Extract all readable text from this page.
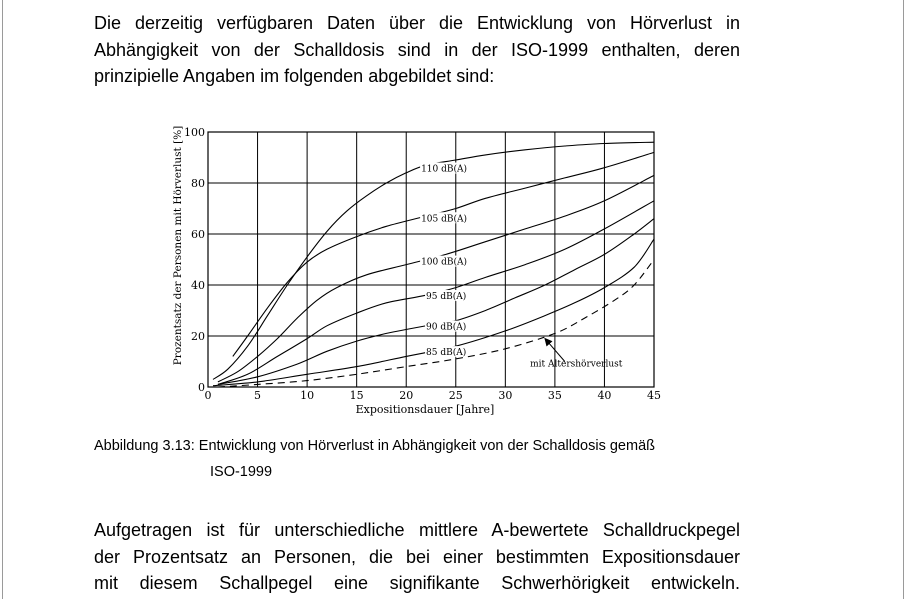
Die derzeitig verfügbaren Daten über die Entwicklung von Hörverlust in
Abhängigkeit von der Schalldosis sind in der ISO-1999 enthalten, deren
prinzipielle Angaben im folgenden abgebildet sind:

0	5	10	15	20	25	30	35	40	45
0
20
40
60
80
100
Expositionsdauer [Jahre]
Prozentsatz der Personen mit Hörverlust [%]	110 dB(A)
105 dB(A)
100 dB(A)
95 dB(A)
90 dB(A)
85 dB(A)
mit Altershörverlust
Abbildung 3.13: Entwicklung von Hörverlust in Abhängigkeit von der Schalldosis gemäß
ISO-1999

Aufgetragen ist für unterschiedliche mittlere A-bewertete Schalldruckpegel
der Prozentsatz an Personen, die bei einer bestimmten Expositionsdauer
mit diesem Schallpegel eine signifikante Schwerhörigkeit entwickeln.
